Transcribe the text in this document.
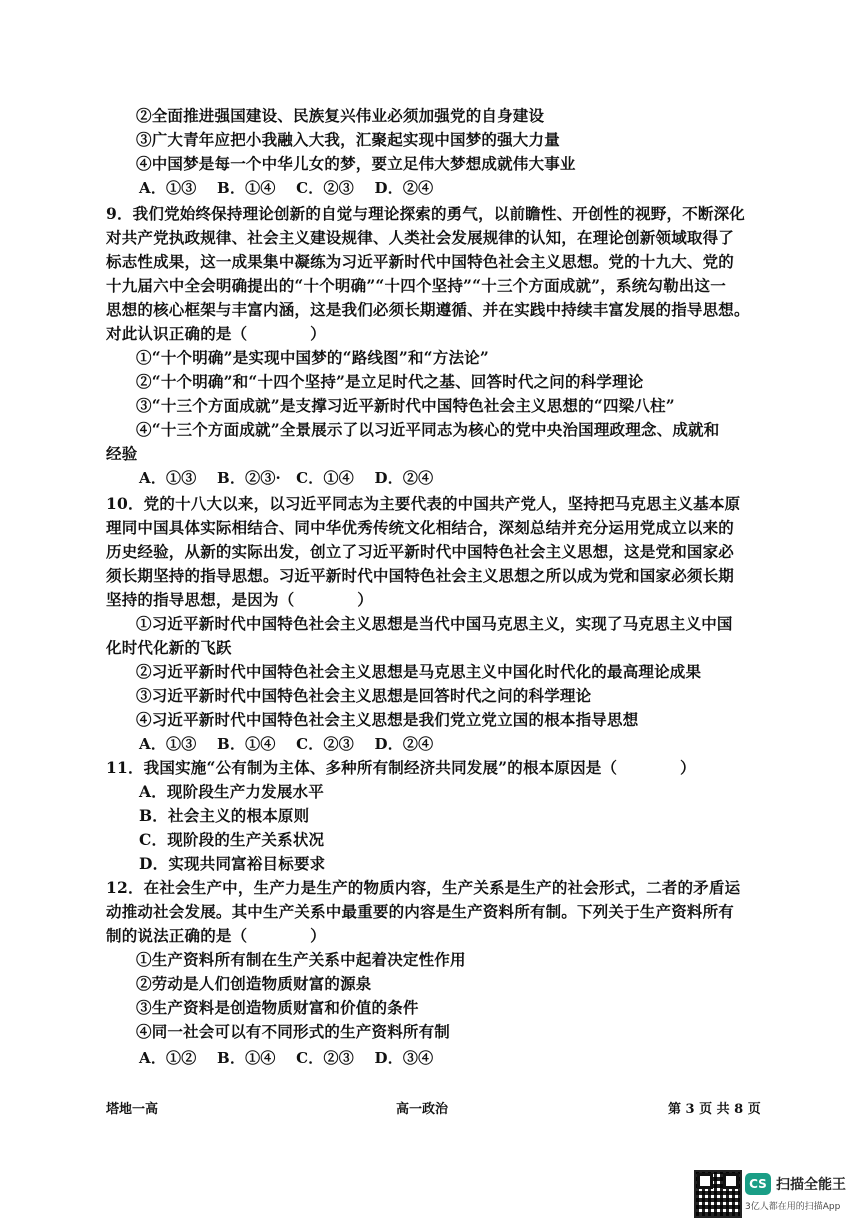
②全面推进强国建设、民族复兴伟业必须加强党的自身建设
③广大青年应把小我融入大我，汇聚起实现中国梦的强大力量
④中国梦是每一个中华儿女的梦，要立足伟大梦想成就伟大事业
A．①③　 B．①④　 C．②③　 D．②④
9．我们党始终保持理论创新的自觉与理论探索的勇气，以前瞻性、开创性的视野，不断深化
对共产党执政规律、社会主义建设规律、人类社会发展规律的认知，在理论创新领域取得了
标志性成果，这一成果集中凝练为习近平新时代中国特色社会主义思想。党的十九大、党的
十九届六中全会明确提出的“十个明确”“十四个坚持”“十三个方面成就”，系统勾勒出这一
思想的核心框架与丰富内涵，这是我们必须长期遵循、并在实践中持续丰富发展的指导思想。
对此认识正确的是（　　　　）
①“十个明确”是实现中国梦的“路线图”和“方法论”
②“十个明确”和“十四个坚持”是立足时代之基、回答时代之问的科学理论
③“十三个方面成就”是支撑习近平新时代中国特色社会主义思想的“四梁八柱”
④“十三个方面成就”全景展示了以习近平同志为核心的党中央治国理政理念、成就和
经验
A．①③　 B．②③·　C．①④　 D．②④
10．党的十八大以来，以习近平同志为主要代表的中国共产党人，坚持把马克思主义基本原
理同中国具体实际相结合、同中华优秀传统文化相结合，深刻总结并充分运用党成立以来的
历史经验，从新的实际出发，创立了习近平新时代中国特色社会主义思想，这是党和国家必
须长期坚持的指导思想。习近平新时代中国特色社会主义思想之所以成为党和国家必须长期
坚持的指导思想，是因为（　　　　）
①习近平新时代中国特色社会主义思想是当代中国马克思主义，实现了马克思主义中国
化时代化新的飞跃
②习近平新时代中国特色社会主义思想是马克思主义中国化时代化的最高理论成果
③习近平新时代中国特色社会主义思想是回答时代之问的科学理论
④习近平新时代中国特色社会主义思想是我们党立党立国的根本指导思想
A．①③　 B．①④　 C．②③　 D．②④
11．我国实施“公有制为主体、多种所有制经济共同发展”的根本原因是（　　　　）
A．现阶段生产力发展水平
B．社会主义的根本原则
C．现阶段的生产关系状况
D．实现共同富裕目标要求
12．在社会生产中，生产力是生产的物质内容，生产关系是生产的社会形式，二者的矛盾运
动推动社会发展。其中生产关系中最重要的内容是生产资料所有制。下列关于生产资料所有
制的说法正确的是（　　　　）
①生产资料所有制在生产关系中起着决定性作用
②劳动是人们创造物质财富的源泉
③生产资料是创造物质财富和价值的条件
④同一社会可以有不同形式的生产资料所有制
A．①②　 B．①④　 C．②③　 D．③④
塔地一高	高一政治	第 3 页 共 8 页
CS 扫描全能王
3亿人都在用的扫描App
